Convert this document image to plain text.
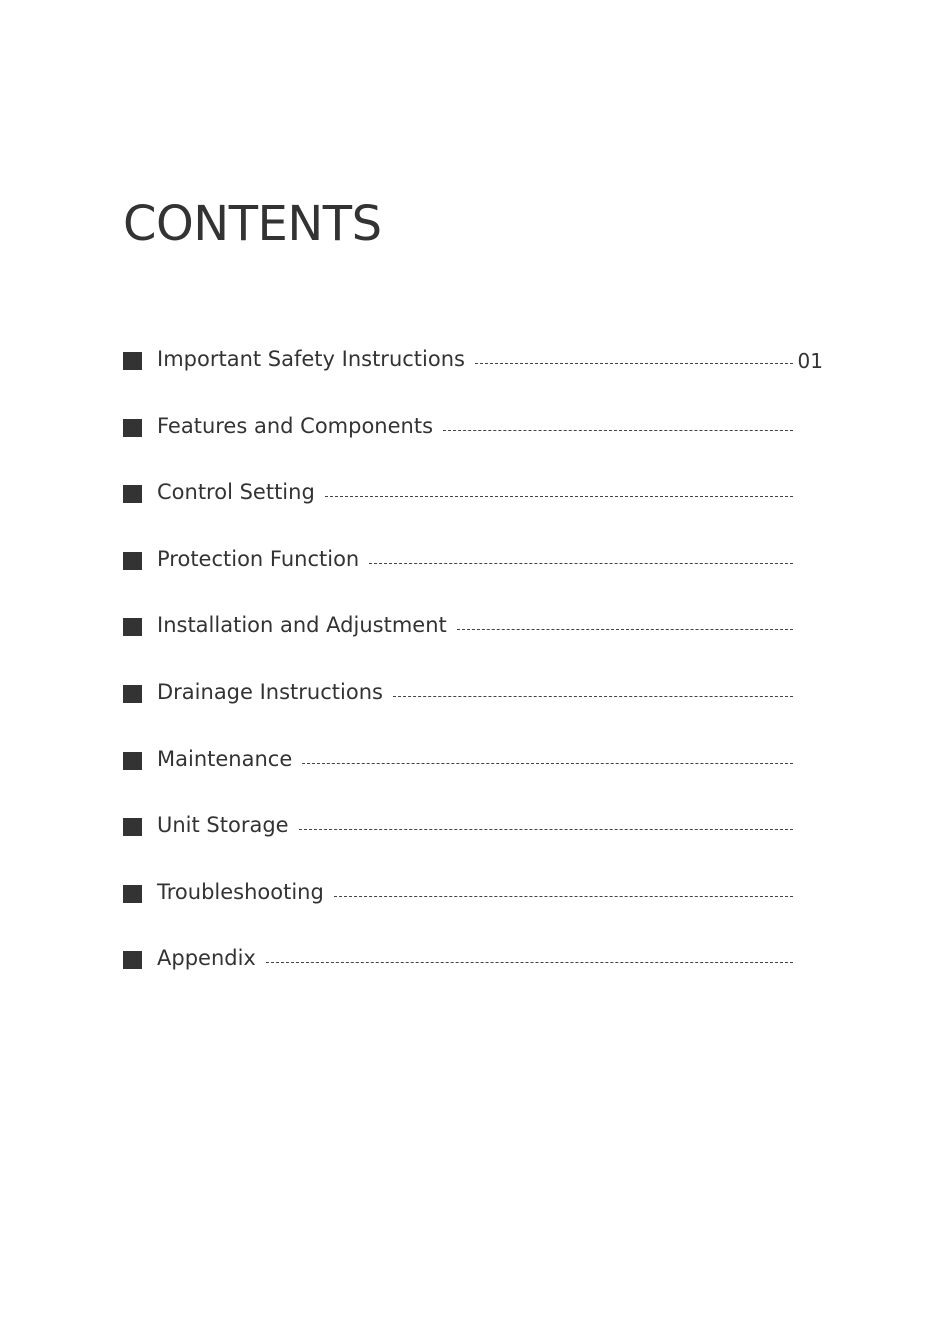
CONTENTS
Important Safety Instructions	01
Features and Components
Control Setting
Protection Function
Installation and Adjustment
Drainage Instructions
Maintenance
Unit Storage
Troubleshooting
Appendix
